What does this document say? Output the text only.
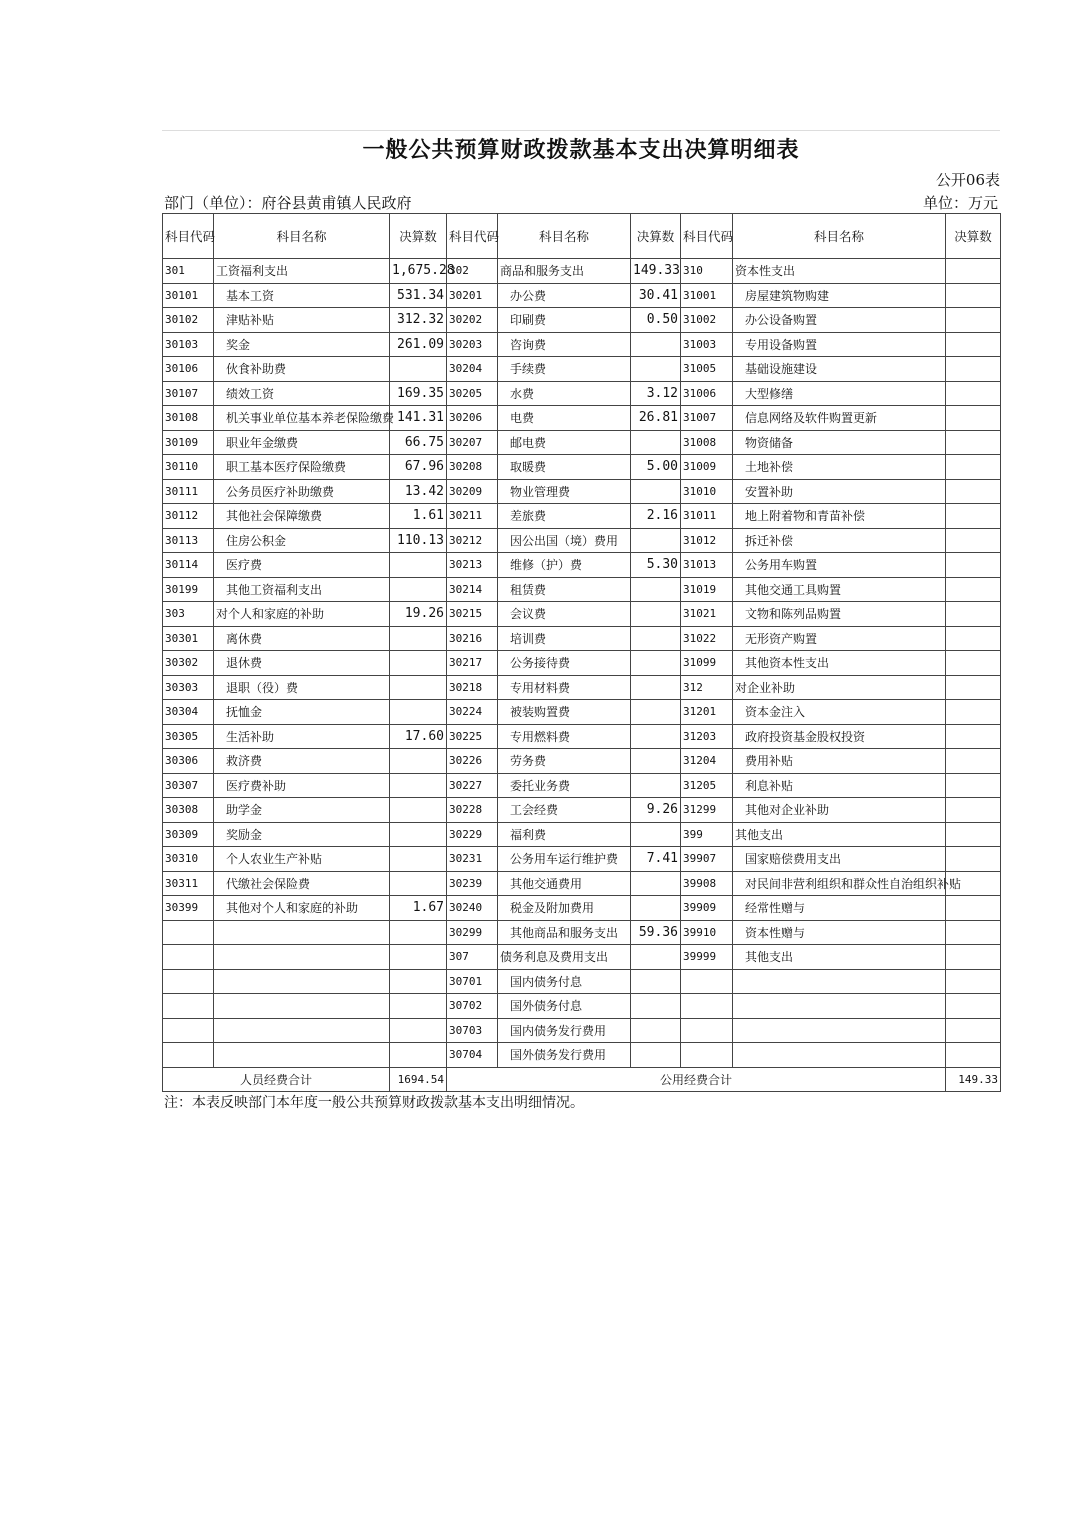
一般公共预算财政拨款基本支出决算明细表
公开06表
部门（单位）：府谷县黄甫镇人民政府	单位：万元
科目代码	科目名称	决算数	科目代码	科目名称	决算数	科目代码	科目名称	决算数
301	工资福利支出	1,675.28	302	商品和服务支出	149.33	310	资本性支出	
30101	基本工资	531.34	30201	办公费	30.41	31001	房屋建筑物购建	
30102	津贴补贴	312.32	30202	印刷费	0.50	31002	办公设备购置	
30103	奖金	261.09	30203	咨询费		31003	专用设备购置	
30106	伙食补助费		30204	手续费		31005	基础设施建设	
30107	绩效工资	169.35	30205	水费	3.12	31006	大型修缮	
30108	机关事业单位基本养老保险缴费	141.31	30206	电费	26.81	31007	信息网络及软件购置更新	
30109	职业年金缴费	66.75	30207	邮电费		31008	物资储备	
30110	职工基本医疗保险缴费	67.96	30208	取暖费	5.00	31009	土地补偿	
30111	公务员医疗补助缴费	13.42	30209	物业管理费		31010	安置补助	
30112	其他社会保障缴费	1.61	30211	差旅费	2.16	31011	地上附着物和青苗补偿	
30113	住房公积金	110.13	30212	因公出国（境）费用		31012	拆迁补偿	
30114	医疗费		30213	维修（护）费	5.30	31013	公务用车购置	
30199	其他工资福利支出		30214	租赁费		31019	其他交通工具购置	
303	对个人和家庭的补助	19.26	30215	会议费		31021	文物和陈列品购置	
30301	离休费		30216	培训费		31022	无形资产购置	
30302	退休费		30217	公务接待费		31099	其他资本性支出	
30303	退职（役）费		30218	专用材料费		312	对企业补助	
30304	抚恤金		30224	被装购置费		31201	资本金注入	
30305	生活补助	17.60	30225	专用燃料费		31203	政府投资基金股权投资	
30306	救济费		30226	劳务费		31204	费用补贴	
30307	医疗费补助		30227	委托业务费		31205	利息补贴	
30308	助学金		30228	工会经费	9.26	31299	其他对企业补助	
30309	奖励金		30229	福利费		399	其他支出	
30310	个人农业生产补贴		30231	公务用车运行维护费	7.41	39907	国家赔偿费用支出	
30311	代缴社会保险费		30239	其他交通费用		39908	对民间非营利组织和群众性自治组织补贴	
30399	其他对个人和家庭的补助	1.67	30240	税金及附加费用		39909	经常性赠与	
			30299	其他商品和服务支出	59.36	39910	资本性赠与	
			307	债务利息及费用支出		39999	其他支出	
			30701	国内债务付息				
			30702	国外债务付息				
			30703	国内债务发行费用				
			30704	国外债务发行费用				
人员经费合计		1694.54	公用经费合计					149.33
注：本表反映部门本年度一般公共预算财政拨款基本支出明细情况。
